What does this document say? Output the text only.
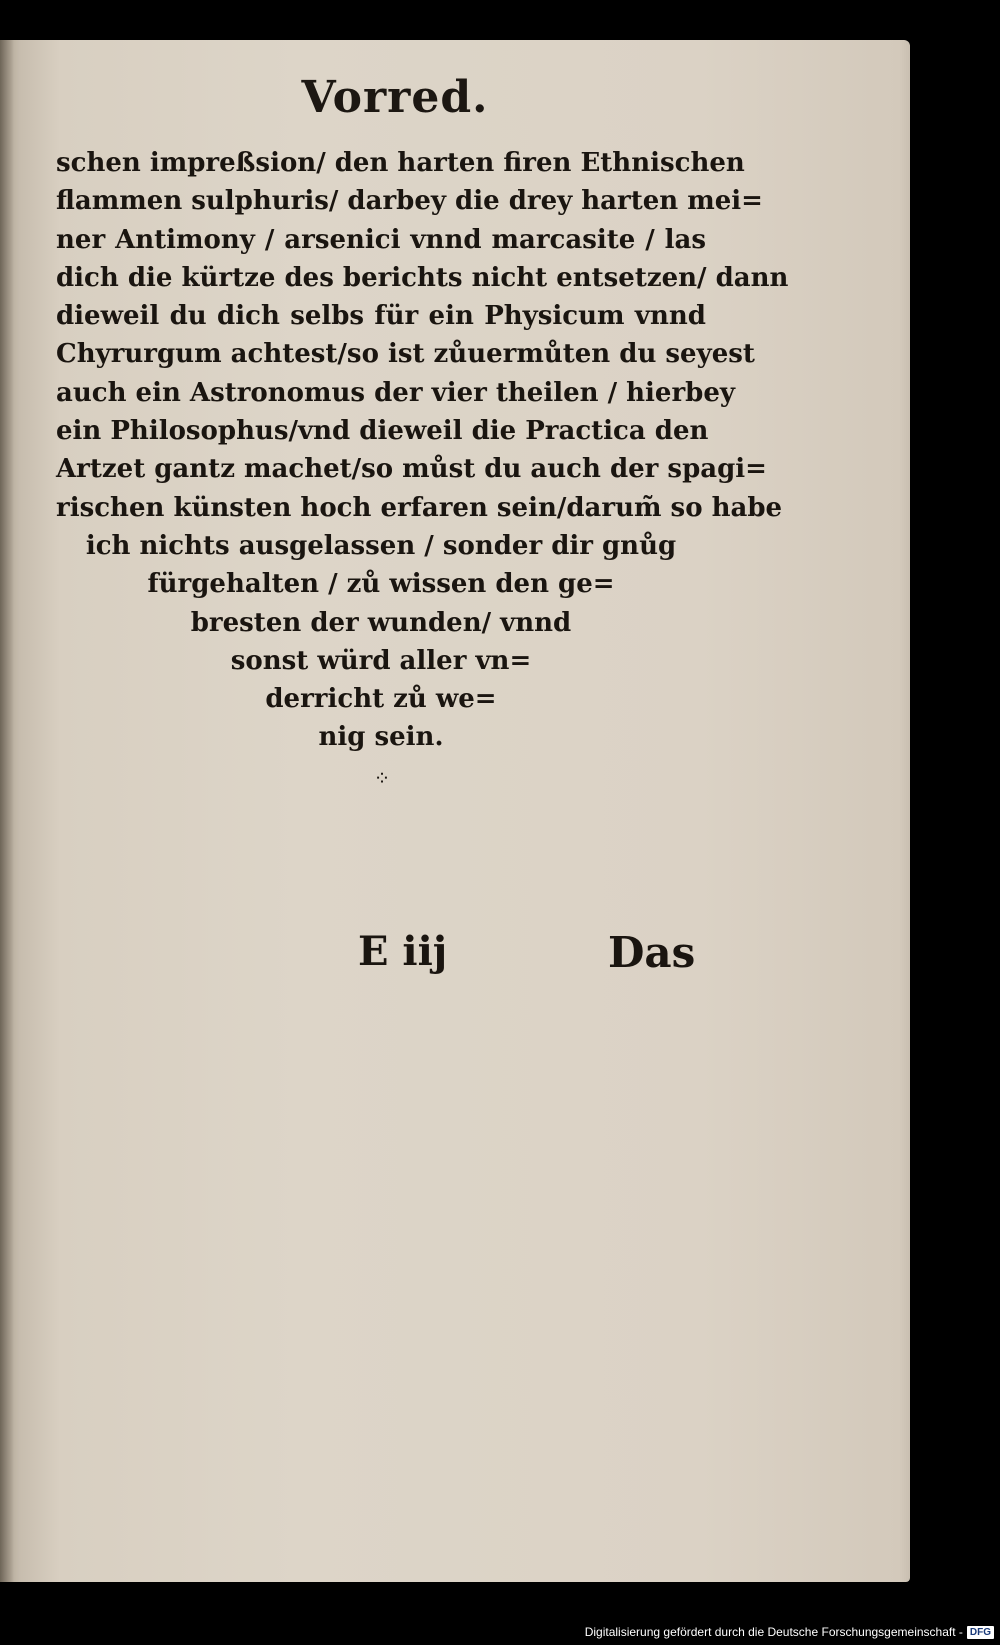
Vorred.
schen impreßsion/ den harten firen Ethnischen
flammen sulphuris/ darbey die drey harten mei=
ner Antimony / arsenici vnnd marcasite / las
dich die kürtze des berichts nicht entsetzen/ dann
dieweil du dich selbs für ein Physicum vnnd
Chyrurgum achtest/so ist zůuermůten du seyest
auch ein Astronomus der vier theilen / hierbey
ein Philosophus/vnd dieweil die Practica den
Artzet gantz machet/so můst du auch der spagi=
rischen künsten hoch erfaren sein/darum̃ so habe
ich nichts ausgelassen / sonder dir gnůg
fürgehalten / zů wissen den ge=
bresten der wunden/ vnnd
sonst würd aller vn=
derricht zů we=
nig sein.
⁘
E iij	Das
Digitalisierung gefördert durch die Deutsche Forschungsgemeinschaft - DFG
